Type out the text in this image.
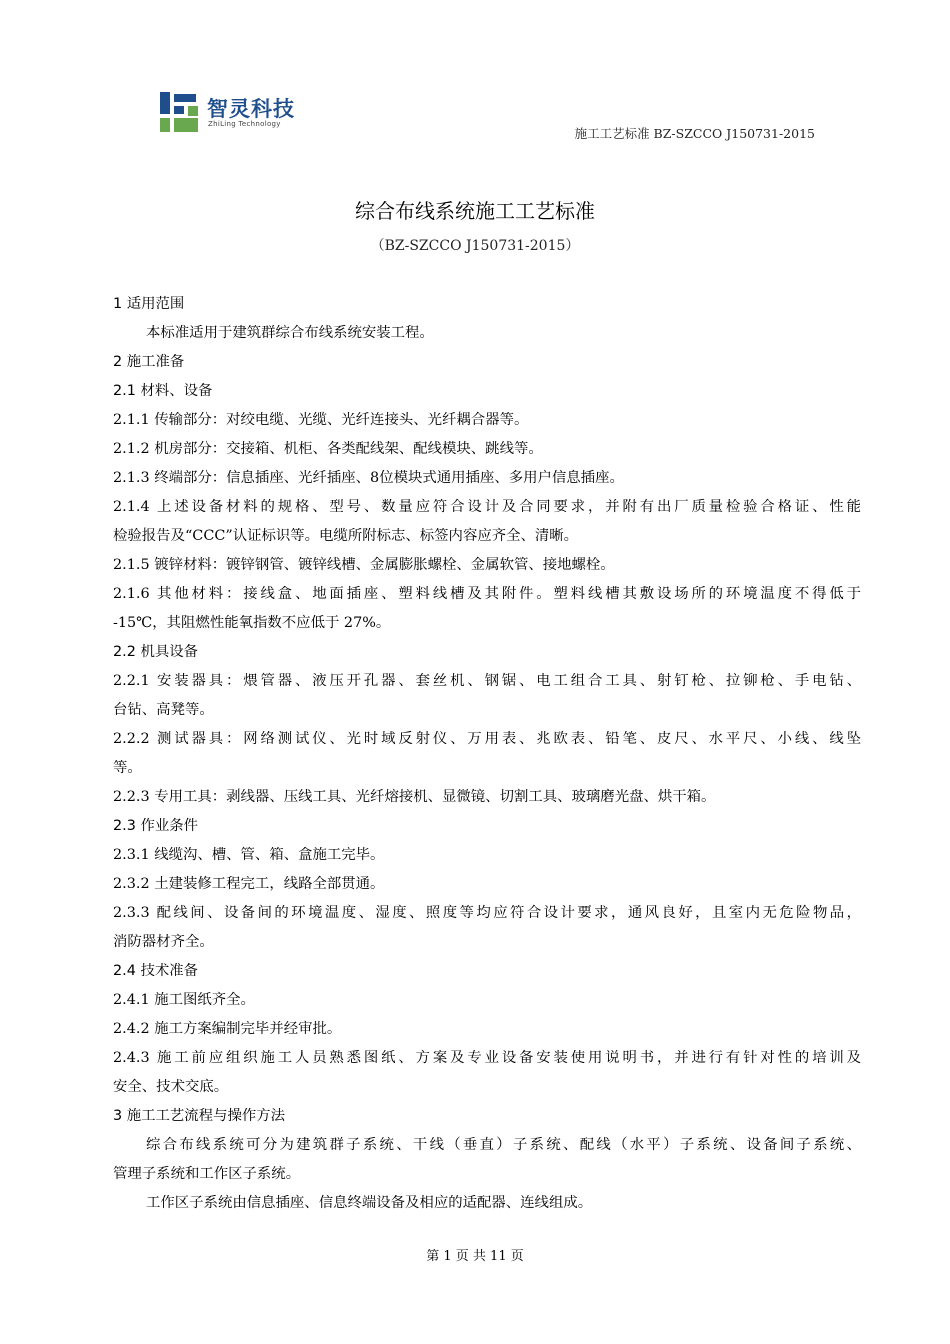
智灵科技
ZhiLing Technology
施工工艺标准 BZ-SZCCO J150731-2015
综合布线系统施工工艺标准
（BZ-SZCCO J150731-2015）
1 适用范围
本标准适用于建筑群综合布线系统安装工程。
2 施工准备
2.1 材料、设备
2.1.1 传输部分：对绞电缆、光缆、光纤连接头、光纤耦合器等。
2.1.2 机房部分：交接箱、机柜、各类配线架、配线模块、跳线等。
2.1.3 终端部分：信息插座、光纤插座、8位模块式通用插座、多用户信息插座。
2.1.4 上述设备材料的规格、型号、数量应符合设计及合同要求，并附有出厂质量检验合格证、性能
检验报告及“CCC”认证标识等。电缆所附标志、标签内容应齐全、清晰。
2.1.5 镀锌材料：镀锌钢管、镀锌线槽、金属膨胀螺栓、金属软管、接地螺栓。
2.1.6 其他材料：接线盒、地面插座、塑料线槽及其附件。塑料线槽其敷设场所的环境温度不得低于
-15℃，其阻燃性能氧指数不应低于 27%。
2.2 机具设备
2.2.1 安装器具：煨管器、液压开孔器、套丝机、钢锯、电工组合工具、射钉枪、拉铆枪、手电钻、
台钻、高凳等。
2.2.2 测试器具：网络测试仪、光时域反射仪、万用表、兆欧表、铅笔、皮尺、水平尺、小线、线坠
等。
2.2.3 专用工具：剥线器、压线工具、光纤熔接机、显微镜、切割工具、玻璃磨光盘、烘干箱。
2.3 作业条件
2.3.1 线缆沟、槽、管、箱、盒施工完毕。
2.3.2 土建装修工程完工，线路全部贯通。
2.3.3 配线间、设备间的环境温度、湿度、照度等均应符合设计要求，通风良好，且室内无危险物品，
消防器材齐全。
2.4 技术准备
2.4.1 施工图纸齐全。
2.4.2 施工方案编制完毕并经审批。
2.4.3 施工前应组织施工人员熟悉图纸、方案及专业设备安装使用说明书，并进行有针对性的培训及
安全、技术交底。
3 施工工艺流程与操作方法
综合布线系统可分为建筑群子系统、干线（垂直）子系统、配线（水平）子系统、设备间子系统、
管理子系统和工作区子系统。
工作区子系统由信息插座、信息终端设备及相应的适配器、连线组成。
第 1 页 共 11 页
